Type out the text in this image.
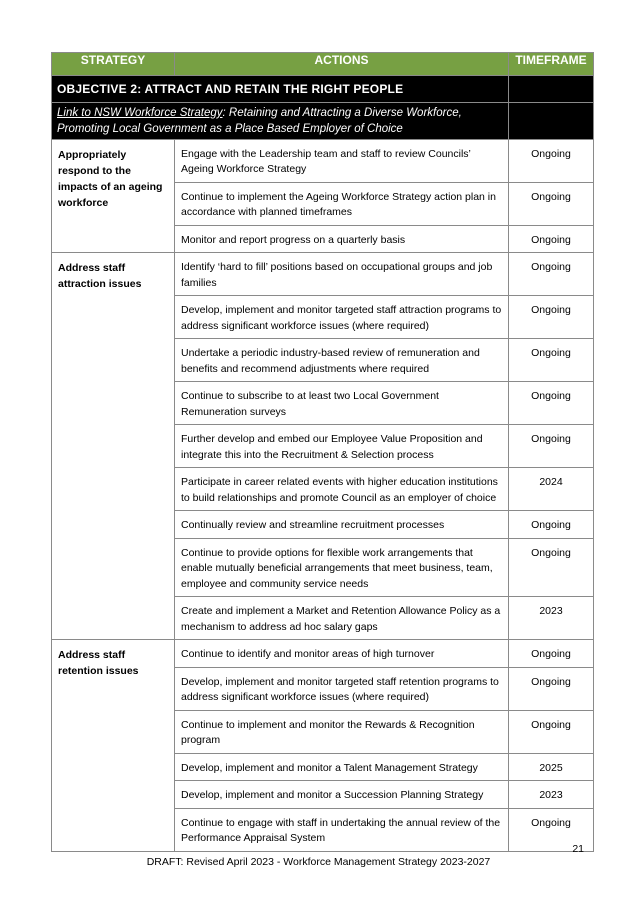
STRATEGY	ACTIONS	TIMEFRAME
OBJECTIVE 2: ATTRACT AND RETAIN THE RIGHT PEOPLE		
Link to NSW Workforce Strategy: Retaining and Attracting a Diverse Workforce, Promoting Local Government as a Place Based Employer of Choice		
Appropriately respond to the impacts of an ageing workforce	Engage with the Leadership team and staff to review Councils’ Ageing Workforce Strategy	Ongoing
	Continue to implement the Ageing Workforce Strategy action plan in accordance with planned timeframes	Ongoing
	Monitor and report progress on a quarterly basis	Ongoing
Address staff attraction issues	Identify ‘hard to fill’ positions based on occupational groups and job families	Ongoing
	Develop, implement and monitor targeted staff attraction programs to address significant workforce issues (where required)	Ongoing
	Undertake a periodic industry-based review of remuneration and benefits and recommend adjustments where required	Ongoing
	Continue to subscribe to at least two Local Government Remuneration surveys	Ongoing
	Further develop and embed our Employee Value Proposition and integrate this into the Recruitment & Selection process	Ongoing
	Participate in career related events with higher education institutions to build relationships and promote Council as an employer of choice	2024
	Continually review and streamline recruitment processes	Ongoing
	Continue to provide options for flexible work arrangements that enable mutually beneficial arrangements that meet business, team, employee and community service needs	Ongoing
	Create and implement a Market and Retention Allowance Policy as a mechanism to address ad hoc salary gaps	2023
Address staff retention issues	Continue to identify and monitor areas of high turnover	Ongoing
	Develop, implement and monitor targeted staff retention programs to address significant workforce issues (where required)	Ongoing
	Continue to implement and monitor the Rewards & Recognition program	Ongoing
	Develop, implement and monitor a Talent Management Strategy	2025
	Develop, implement and monitor a Succession Planning Strategy	2023
	Continue to engage with staff in undertaking the annual review of the Performance Appraisal System	Ongoing
21
DRAFT: Revised April 2023 - Workforce Management Strategy 2023-2027
